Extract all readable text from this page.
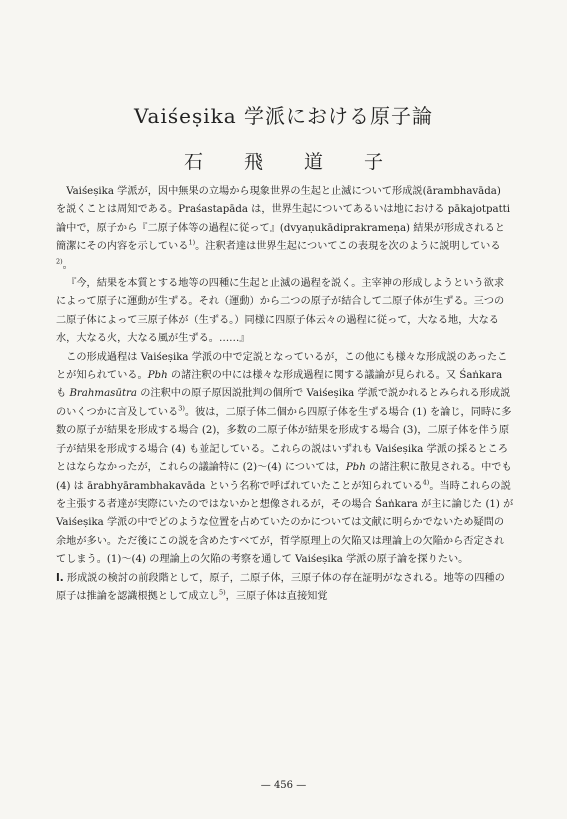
Vaiśeṣika 学派における原子論
石 飛 道 子

Vaiśeṣika 学派が，因中無果の立場から現象世界の生起と止滅について形成説(ārambhavāda) を説くことは周知である。Praśastapāda は，世界生起についてあるいは地における pākajotpatti 論中で，原子から『二原子体等の過程に従って』(dvyaṇukādiprakrameṇa) 結果が形成されると簡潔にその内容を示している$^{1)}$。注釈者達は世界生起についてこの表現を次のように説明している$^{2)}$。

『今，結果を本質とする地等の四種に生起と止滅の過程を説く。主宰神の形成しようという欲求によって原子に運動が生ずる。それ（運動）から二つの原子が結合して二原子体が生ずる。三つの二原子体によって三原子体が（生ずる。）同様に四原子体云々の過程に従って，大なる地，大なる水，大なる火，大なる風が生ずる。……』

この形成過程は Vaiśeṣika 学派の中で定説となっているが，この他にも様々な形成説のあったことが知られている。Pbh の諸注釈の中には様々な形成過程に関する議論が見られる。又 Śaṅkara も Brahmasūtra の注釈中の原子原因説批判の個所で Vaiśeṣika 学派で説かれるとみられる形成説のいくつかに言及している$^{3)}$。彼は，二原子体二個から四原子体を生ずる場合 (1) を論じ，同時に多数の原子が結果を形成する場合 (2)，多数の二原子体が結果を形成する場合 (3)，二原子体を伴う原子が結果を形成する場合 (4) も並記している。これらの説はいずれも Vaiśeṣika 学派の採るところとはならなかったが，これらの議論特に (2)～(4) については，Pbh の諸注釈に散見される。中でも (4) は ārabhyārambhakavāda という名称で呼ばれていたことが知られている$^{4)}$。当時これらの説を主張する者達が実際にいたのではないかと想像されるが，その場合 Śaṅkara が主に論じた (1) が Vaiśeṣika 学派の中でどのような位置を占めていたのかについては文献に明らかでないため疑問の余地が多い。ただ後にこの説を含めたすべてが，哲学原理上の欠陥又は理論上の欠陥から否定されてしまう。(1)～(4) の理論上の欠陥の考察を通して Vaiśeṣika 学派の原子論を探りたい。

I. 形成説の検討の前段階として，原子，二原子体，三原子体の存在証明がなされる。地等の四種の原子は推論を認識根拠として成立し$^{5)}$，三原子体は直接知覚

— 456 —
